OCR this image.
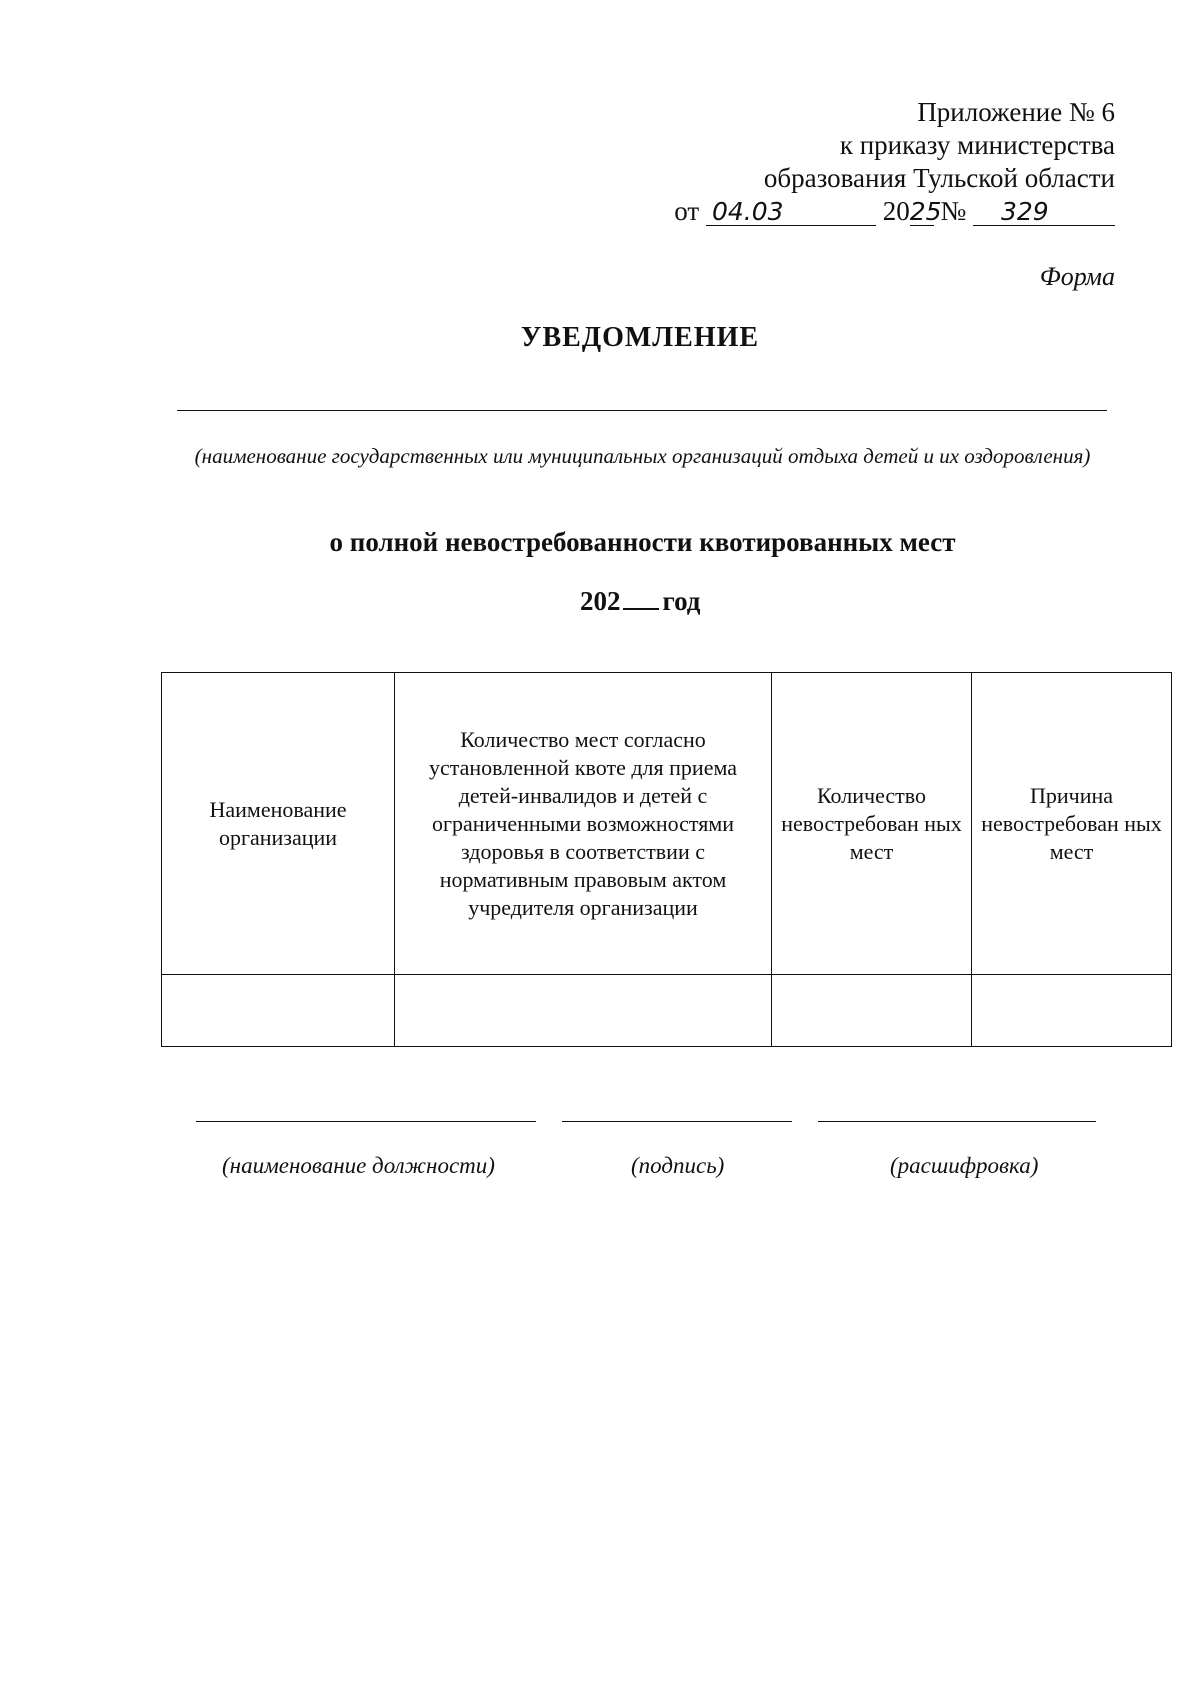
Приложение № 6
к приказу министерства
образования Тульской области
от 04.03	2025 № 329
Форма
УВЕДОМЛЕНИЕ
(наименование государственных или муниципальных организаций отдыха детей и их оздоровления)
о полной невостребованности квотированных мест
202 год
Наименование организации	Количество мест согласно установленной квоте для приема детей-инвалидов и детей с ограниченными возможностями здоровья в соответствии с нормативным правовым актом учредителя организации	Количество невостребован ных мест	Причина невостребован ных мест

(наименование должности)	(подпись)	(расшифровка)
